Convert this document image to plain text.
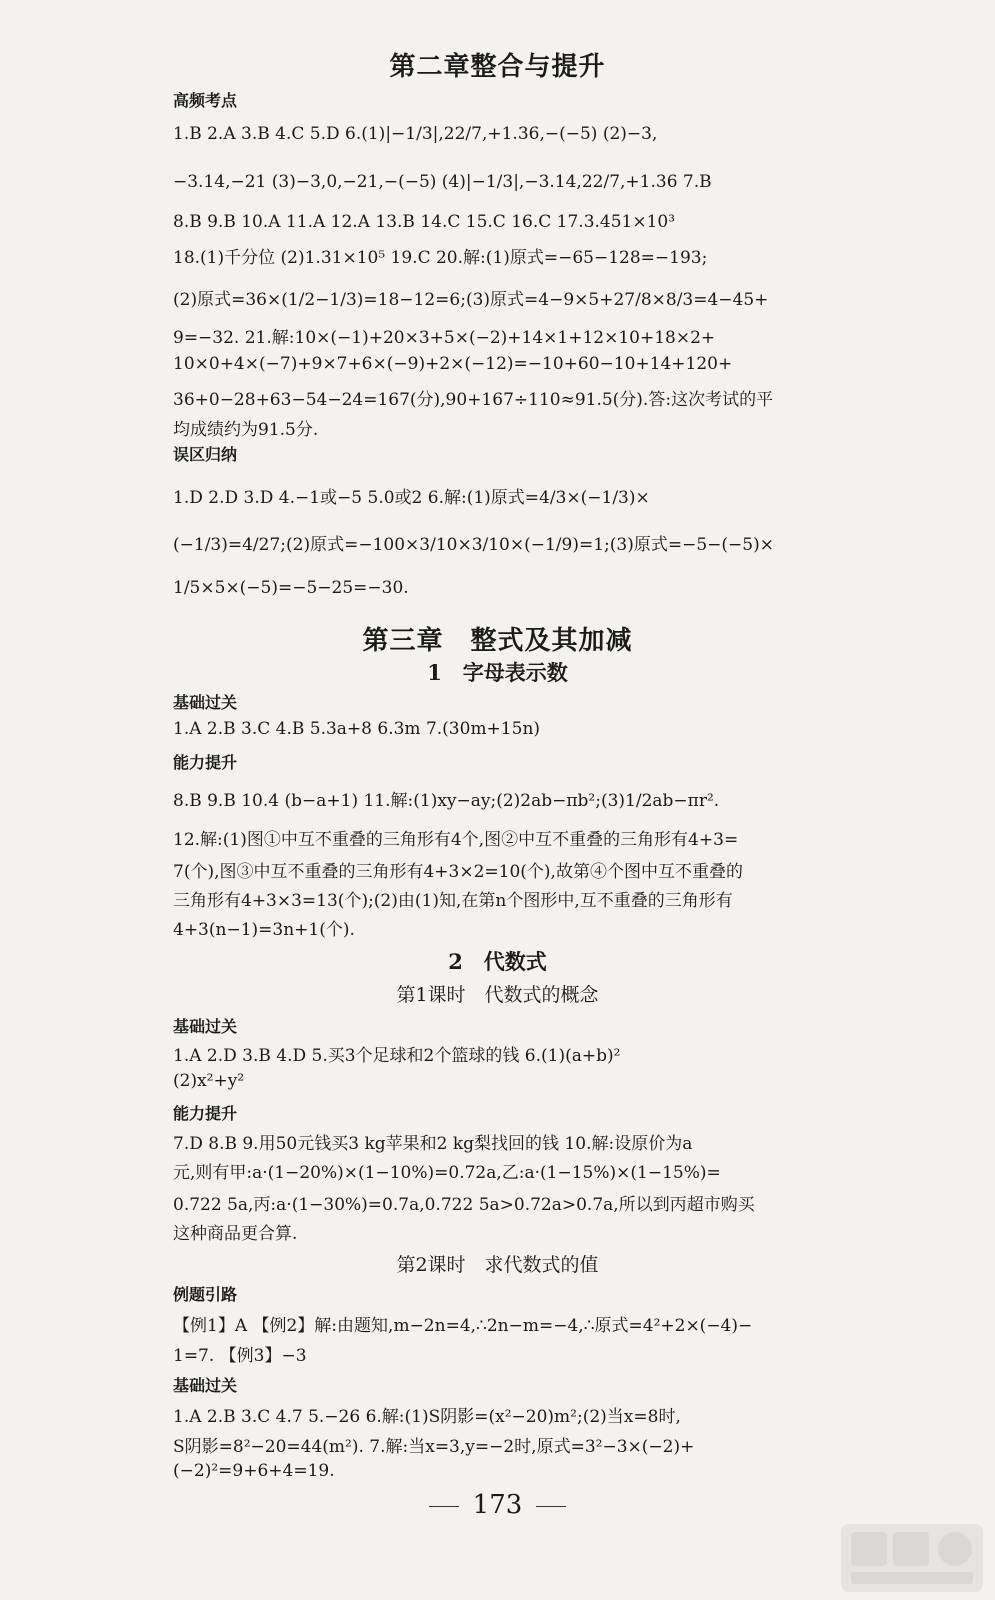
第二章整合与提升
高频考点
1.B 2.A 3.B 4.C 5.D 6.(1)|−1/3|,22/7,+1.36,−(−5) (2)−3,
−3.14,−21 (3)−3,0,−21,−(−5) (4)|−1/3|,−3.14,22/7,+1.36 7.B
8.B 9.B 10.A 11.A 12.A 13.B 14.C 15.C 16.C 17.3.451×10³
18.(1)千分位 (2)1.31×10⁵ 19.C 20.解:(1)原式=−65−128=−193;
(2)原式=36×(1/2−1/3)=18−12=6;(3)原式=4−9×5+27/8×8/3=4−45+
9=−32. 21.解:10×(−1)+20×3+5×(−2)+14×1+12×10+18×2+
10×0+4×(−7)+9×7+6×(−9)+2×(−12)=−10+60−10+14+120+
36+0−28+63−54−24=167(分),90+167÷110≈91.5(分).答:这次考试的平
均成绩约为91.5分.
误区归纳
1.D 2.D 3.D 4.−1或−5 5.0或2 6.解:(1)原式=4/3×(−1/3)×
(−1/3)=4/27;(2)原式=−100×3/10×3/10×(−1/9)=1;(3)原式=−5−(−5)×
1/5×5×(−5)=−5−25=−30.
第三章　整式及其加减
1　字母表示数
基础过关
1.A 2.B 3.C 4.B 5.3a+8 6.3m 7.(30m+15n)
能力提升
8.B 9.B 10.4 (b−a+1) 11.解:(1)xy−ay;(2)2ab−πb²;(3)1/2ab−πr².
12.解:(1)图①中互不重叠的三角形有4个,图②中互不重叠的三角形有4+3=
7(个),图③中互不重叠的三角形有4+3×2=10(个),故第④个图中互不重叠的
三角形有4+3×3=13(个);(2)由(1)知,在第n个图形中,互不重叠的三角形有
4+3(n−1)=3n+1(个).
2　代数式
第1课时　代数式的概念
基础过关
1.A 2.D 3.B 4.D 5.买3个足球和2个篮球的钱 6.(1)(a+b)²
(2)x²+y²
能力提升
7.D 8.B 9.用50元钱买3 kg苹果和2 kg梨找回的钱 10.解:设原价为a
元,则有甲:a·(1−20%)×(1−10%)=0.72a,乙:a·(1−15%)×(1−15%)=
0.722 5a,丙:a·(1−30%)=0.7a,0.722 5a>0.72a>0.7a,所以到丙超市购买
这种商品更合算.
第2课时　求代数式的值
例题引路
【例1】A 【例2】解:由题知,m−2n=4,∴2n−m=−4,∴原式=4²+2×(−4)−
1=7. 【例3】−3
基础过关
1.A 2.B 3.C 4.7 5.−26 6.解:(1)S阴影=(x²−20)m²;(2)当x=8时,
S阴影=8²−20=44(m²). 7.解:当x=3,y=−2时,原式=3²−3×(−2)+
(−2)²=9+6+4=19.
173
